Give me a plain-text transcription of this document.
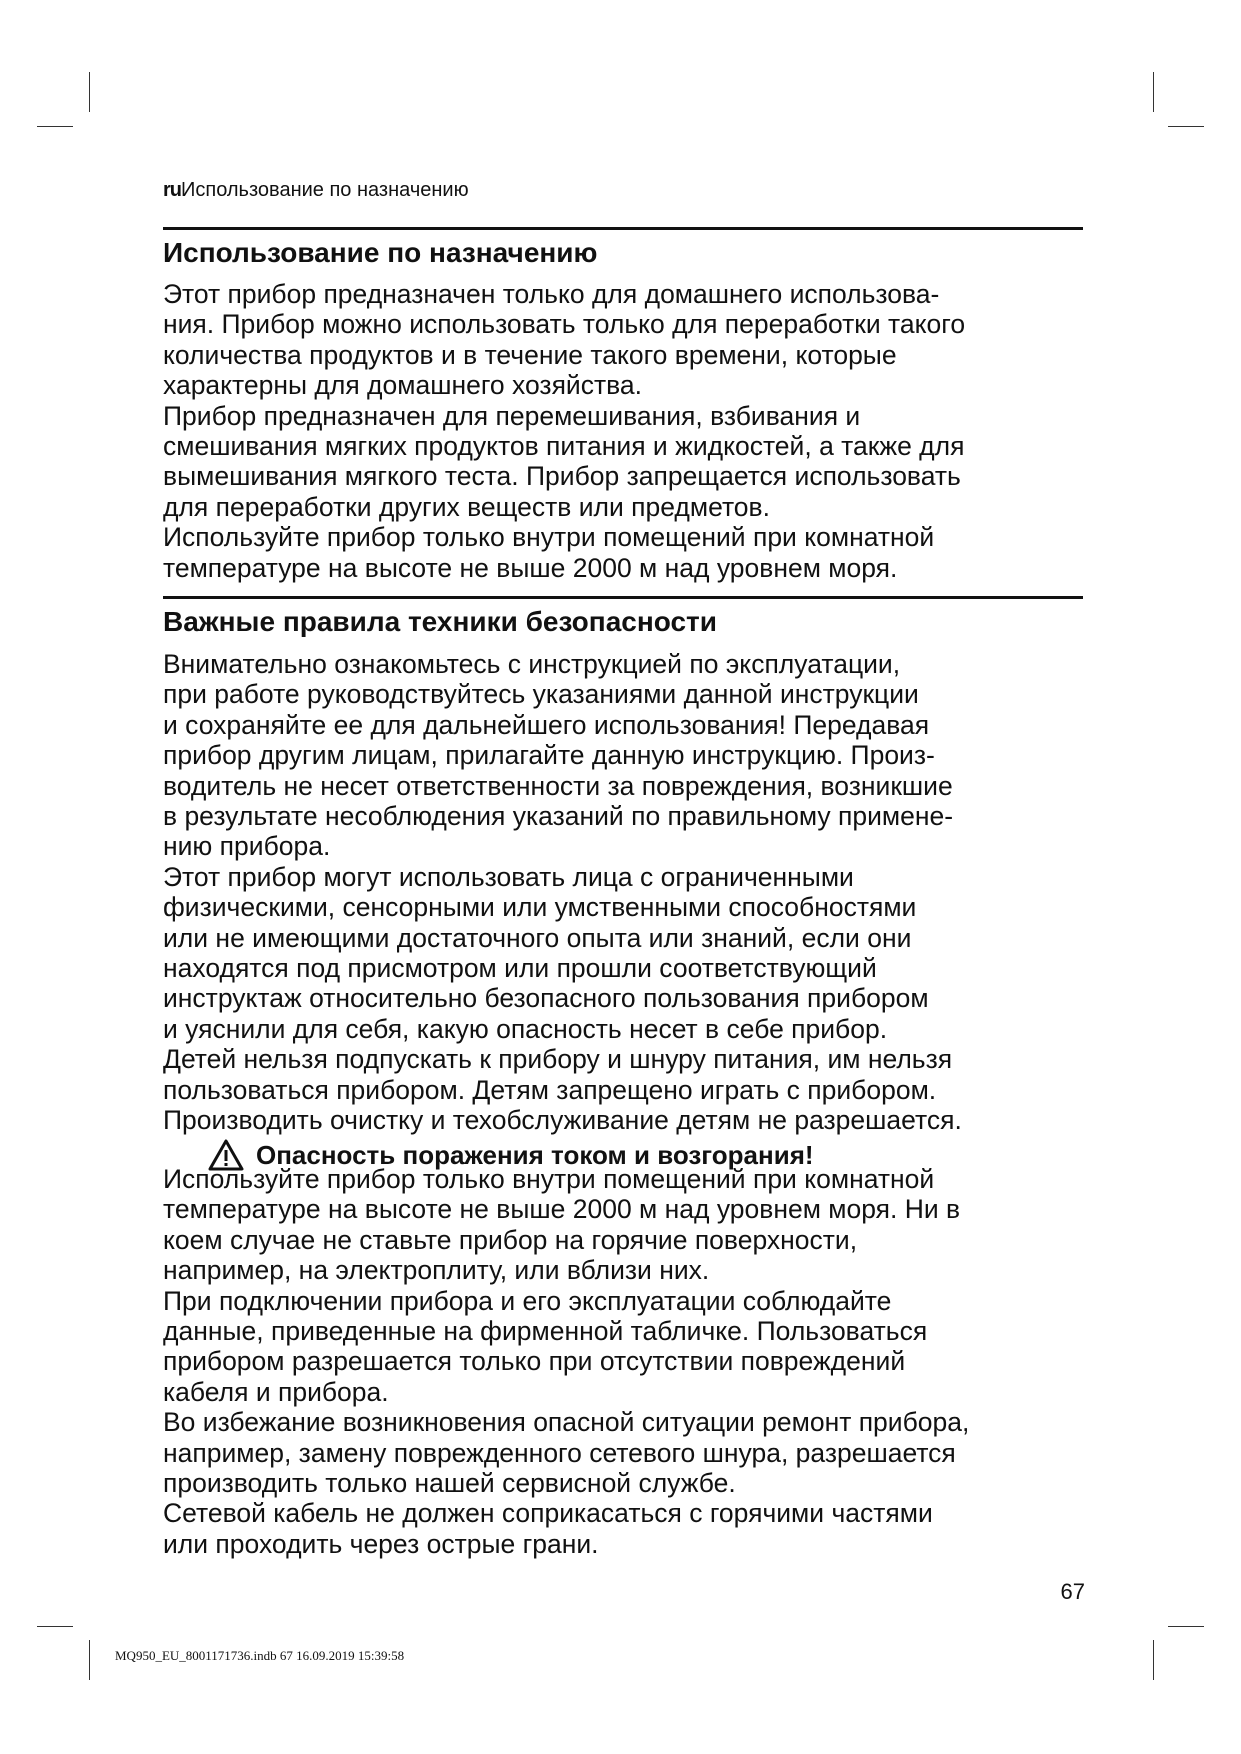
ruИспользование по назначению
Использование по назначению

Этот прибор предназначен только для домашнего использова-
ния. Прибор можно использовать только для переработки такого
количества продуктов и в течение такого времени, которые
характерны для домашнего хозяйства.

Прибор предназначен для перемешивания, взбивания и
смешивания мягких продуктов питания и жидкостей, а также для
вымешивания мягкого теста. Прибор запрещается использовать
для переработки других веществ или предметов.

Используйте прибор только внутри помещений при комнатной
температуре на высоте не выше 2000 м над уровнем моря.

Важные правила техники безопасности

Внимательно ознакомьтесь с инструкцией по эксплуатации,
при работе руководствуйтесь указаниями данной инструкции
и сохраняйте ее для дальнейшего использования! Передавая
прибор другим лицам, прилагайте данную инструкцию. Произ-
водитель не несет ответственности за повреждения, возникшие
в результате несоблюдения указаний по правильному примене-
нию прибора.

Этот прибор могут использовать лица с ограниченными
физическими, сенсорными или умственными способностями
или не имеющими достаточного опыта или знаний, если они
находятся под присмотром или прошли соответствующий
инструктаж относительно безопасного пользования прибором
и уяснили для себя, какую опасность несет в себе прибор.

Детей нельзя подпускать к прибору и шнуру питания, им нельзя
пользоваться прибором. Детям запрещено играть с прибором.

Производить очистку и техобслуживание детям не разрешается.

Опасность поражения током и возгорания!

Используйте прибор только внутри помещений при комнатной
температуре на высоте не выше 2000 м над уровнем моря. Ни в
коем случае не ставьте прибор на горячие поверхности,
например, на электроплиту, или вблизи них.

При подключении прибора и его эксплуатации соблюдайте
данные, приведенные на фирменной табличке. Пользоваться
прибором разрешается только при отсутствии повреждений
кабеля и прибора.

Во избежание возникновения опасной ситуации ремонт прибора,
например, замену поврежденного сетевого шнура, разрешается
производить только нашей сервисной службе.

Сетевой кабель не должен соприкасаться с горячими частями
или проходить через острые грани.

67
MQ950_EU_8001171736.indb 67 16.09.2019 15:39:58
